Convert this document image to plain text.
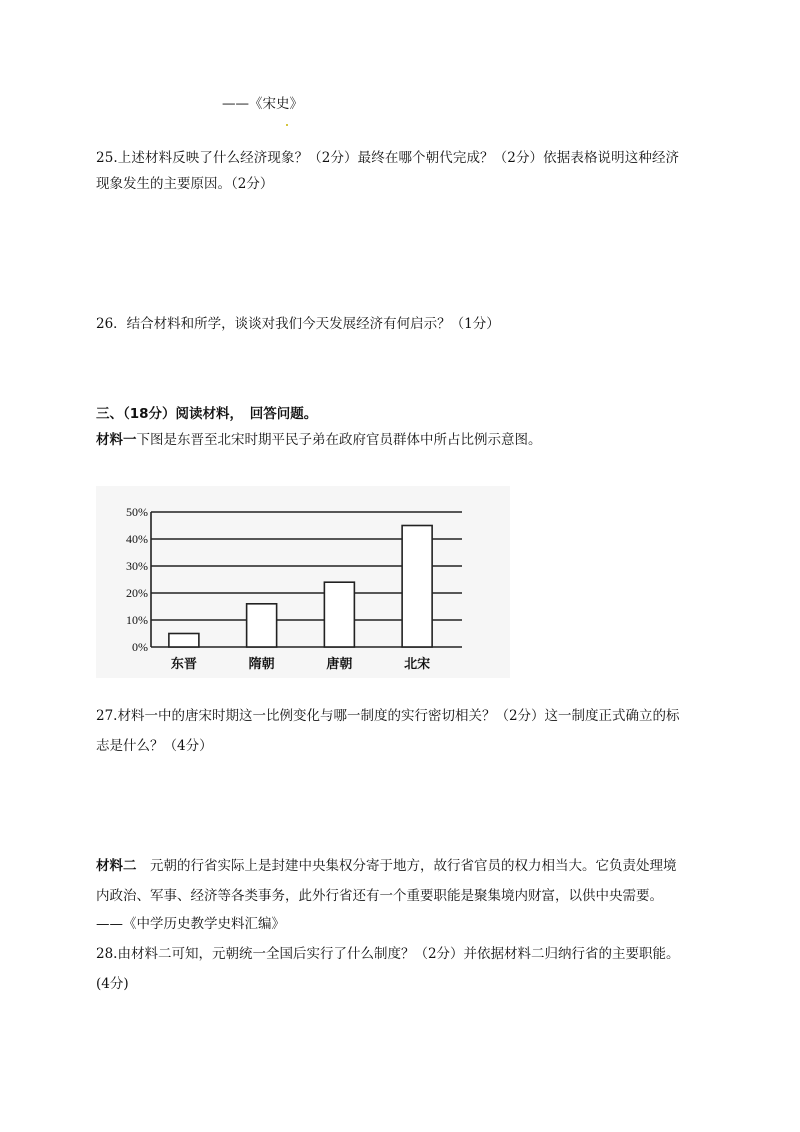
——《宋史》
25.上述材料反映了什么经济现象？（2分）最终在哪个朝代完成？（2分）依据表格说明这种经济
现象发生的主要原因。（2分）
26．结合材料和所学，谈谈对我们今天发展经济有何启示？（1分）
三、（18分）阅读材料，　回答问题。
材料一下图是东晋至北宋时期平民子弟在政府官员群体中所占比例示意图。
0%
10%
20%
30%
40%
50%
东晋	隋朝	唐朝	北宋
27.材料一中的唐宋时期这一比例变化与哪一制度的实行密切相关？（2分）这一制度正式确立的标
志是什么？（4分）
材料二　 元朝的行省实际上是封建中央集权分寄于地方，故行省官员的权力相当大。它负责处理境
内政治、军事、经济等各类事务，此外行省还有一个重要职能是聚集境内财富，以供中央需要。
——《中学历史教学史料汇编》
28.由材料二可知，元朝统一全国后实行了什么制度？（2分）并依据材料二归纳行省的主要职能。
(4分)
